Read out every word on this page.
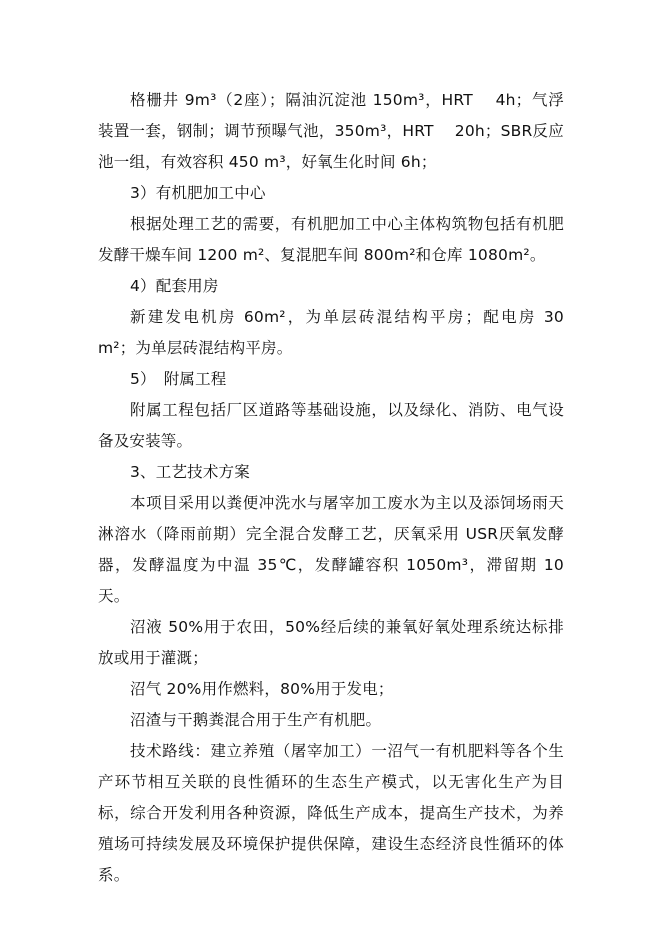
格栅井 9m³（2座）；隔油沉淀池 150m³，HRT　 4h；气浮装置一套，钢制；调节预曝气池，350m³，HRT　 20h；SBR反应池一组，有效容积 450 m³，好氧生化时间 6h；

3）有机肥加工中心

根据处理工艺的需要，有机肥加工中心主体构筑物包括有机肥发酵干燥车间 1200 m²、复混肥车间 800m²和仓库 1080m²。

4）配套用房

新建发电机房 60m²，为单层砖混结构平房；配电房 30　 m²；为单层砖混结构平房。

5）　附属工程

附属工程包括厂区道路等基础设施，以及绿化、消防、电气设备及安装等。

3、工艺技术方案

本项目采用以粪便冲洗水与屠宰加工废水为主以及添饲场雨天淋溶水（降雨前期）完全混合发酵工艺，厌氧采用 USR厌氧发酵器，发酵温度为中温 35℃，发酵罐容积 1050m³，滞留期 10 天。

沼液 50%用于农田，50%经后续的兼氧好氧处理系统达标排放或用于灌溉；

沼气 20%用作燃料，80%用于发电；

沼渣与干鹅粪混合用于生产有机肥。

技术路线：建立养殖（屠宰加工）一沼气一有机肥料等各个生产环节相互关联的良性循环的生态生产模式，以无害化生产为目标，综合开发利用各种资源，降低生产成本，提高生产技术，为养殖场可持续发展及环境保护提供保障，建设生态经济良性循环的体系。
